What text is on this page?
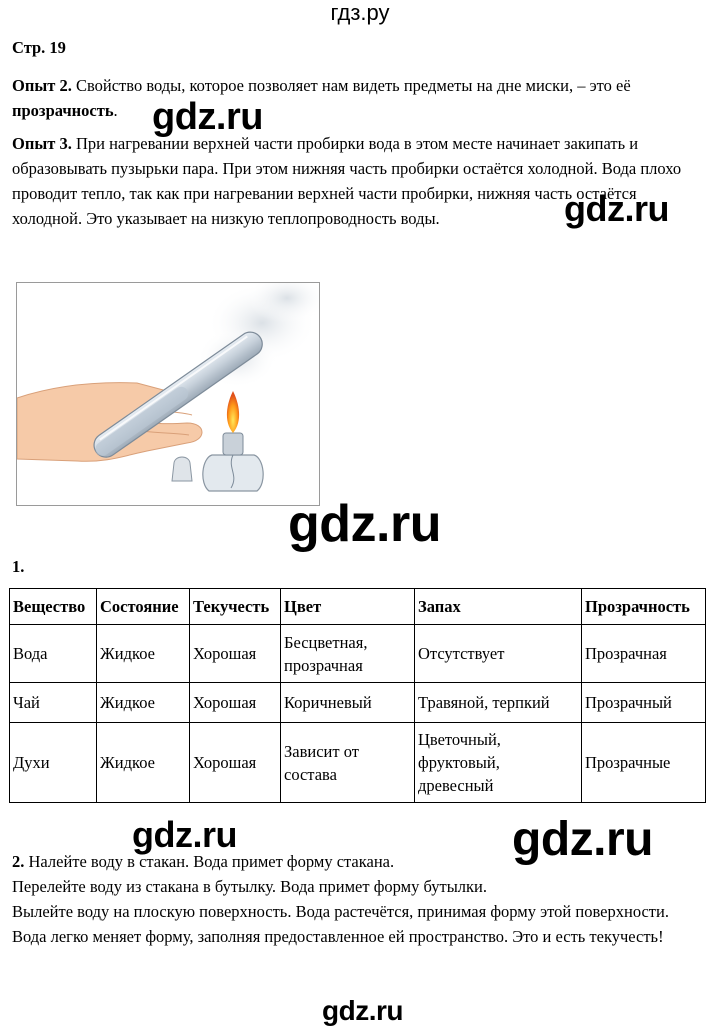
гдз.ру

Стр. 19

Опыт 2. Свойство воды, которое позволяет нам видеть предметы на дне миски, – это её прозрачность.

Опыт 3. При нагревании верхней части пробирки вода в этом месте начинает закипать и образовывать пузырьки пара. При этом нижняя часть пробирки остаётся холодной. Вода плохо проводит тепло, так как при нагревании верхней части пробирки, нижняя часть остаётся холодной. Это указывает на низкую теплопроводность воды.

gdz.ru
gdz.ru
gdz.ru

1.

Вещество	Состояние	Текучесть	Цвет	Запах	Прозрачность
Вода	Жидкое	Хорошая	Бесцветная, прозрачная	Отсутствует	Прозрачная
Чай	Жидкое	Хорошая	Коричневый	Травяной, терпкий	Прозрачный
Духи	Жидкое	Хорошая	Зависит от состава	Цветочный, фруктовый, древесный	Прозрачные
gdz.ru	gdz.ru

2. Налейте воду в стакан. Вода примет форму стакана.
Перелейте воду из стакана в бутылку. Вода примет форму бутылки.
Вылейте воду на плоскую поверхность. Вода растечётся, принимая форму этой поверхности.
Вода легко меняет форму, заполняя предоставленное ей пространство. Это и есть текучесть!

gdz.ru
